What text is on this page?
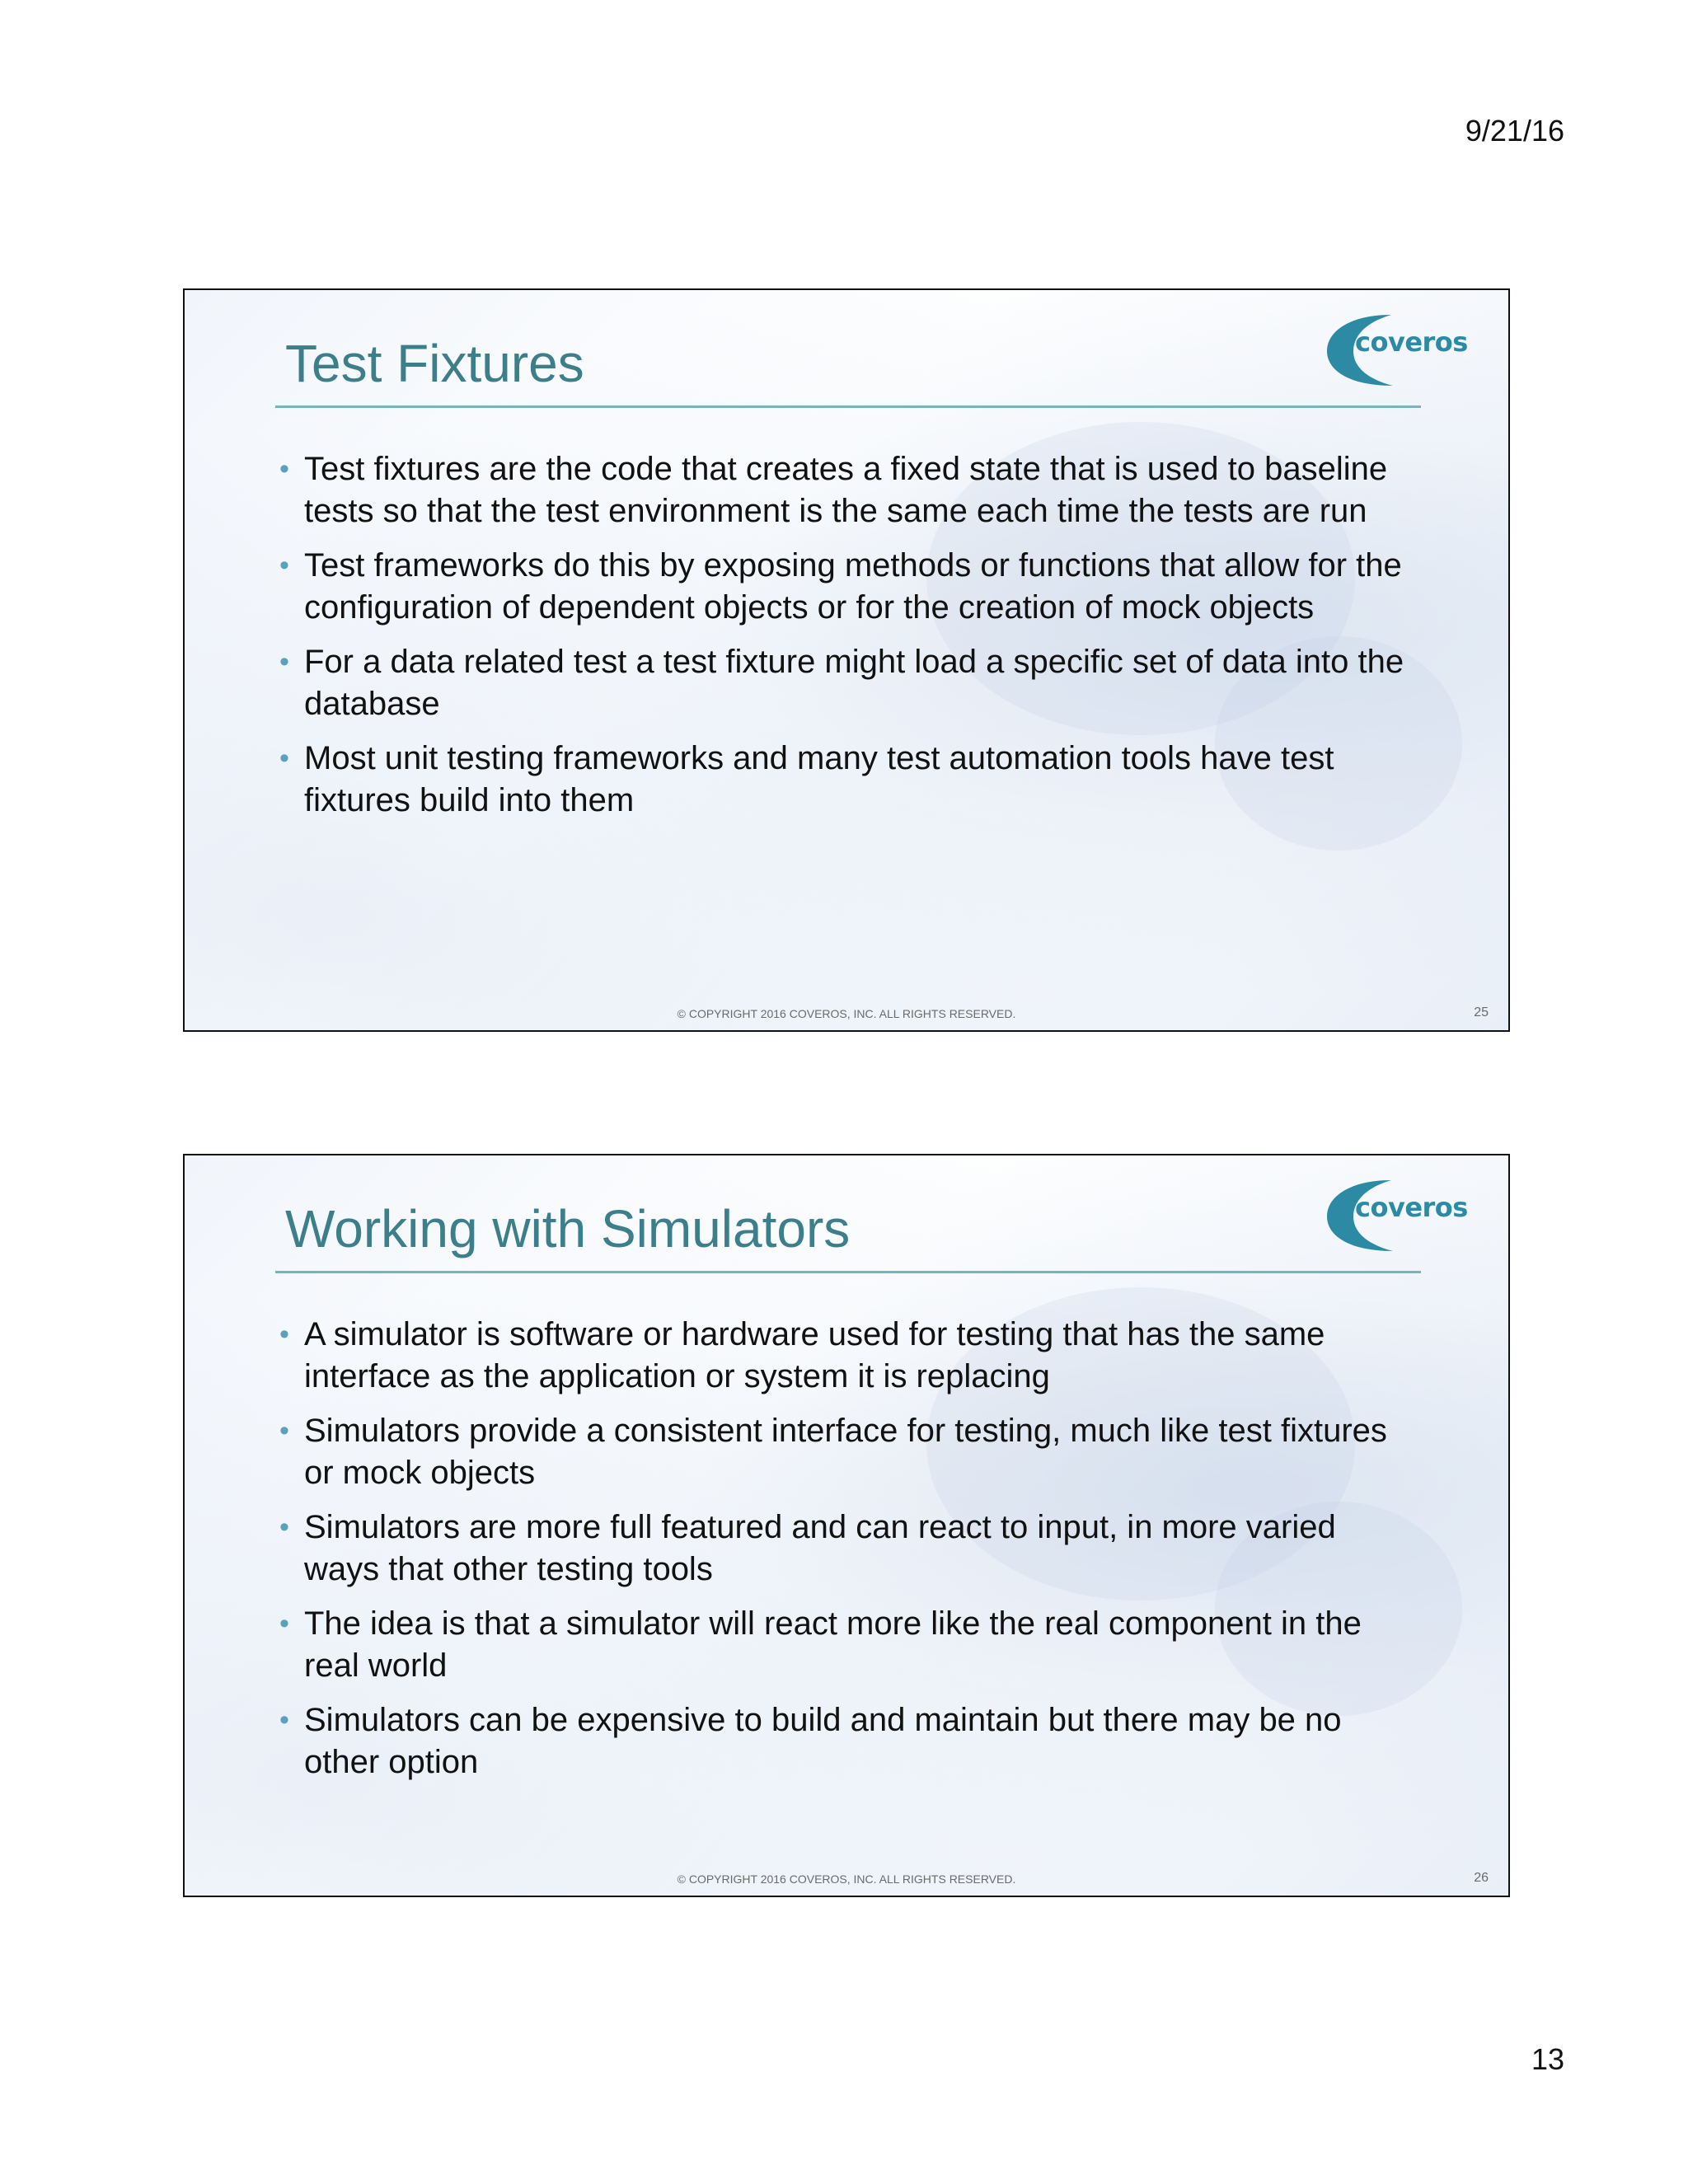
9/21/16
Test Fixtures	coveros
• Test fixtures are the code that creates a fixed state that is used to baseline tests so that the test environment is the same each time the tests are run
• Test frameworks do this by exposing methods or functions that allow for the configuration of dependent objects or for the creation of mock objects
• For a data related test a test fixture might load a specific set of data into the database
• Most unit testing frameworks and many test automation tools have test fixtures build into them
© COPYRIGHT 2016 COVEROS, INC. ALL RIGHTS RESERVED.	25
Working with Simulators	coveros
• A simulator is software or hardware used for testing that has the same interface as the application or system it is replacing
• Simulators provide a consistent interface for testing, much like test fixtures or mock objects
• Simulators are more full featured and can react to input, in more varied ways that other testing tools
• The idea is that a simulator will react more like the real component in the real world
• Simulators can be expensive to build and maintain but there may be no other option
© COPYRIGHT 2016 COVEROS, INC. ALL RIGHTS RESERVED.	26
13
